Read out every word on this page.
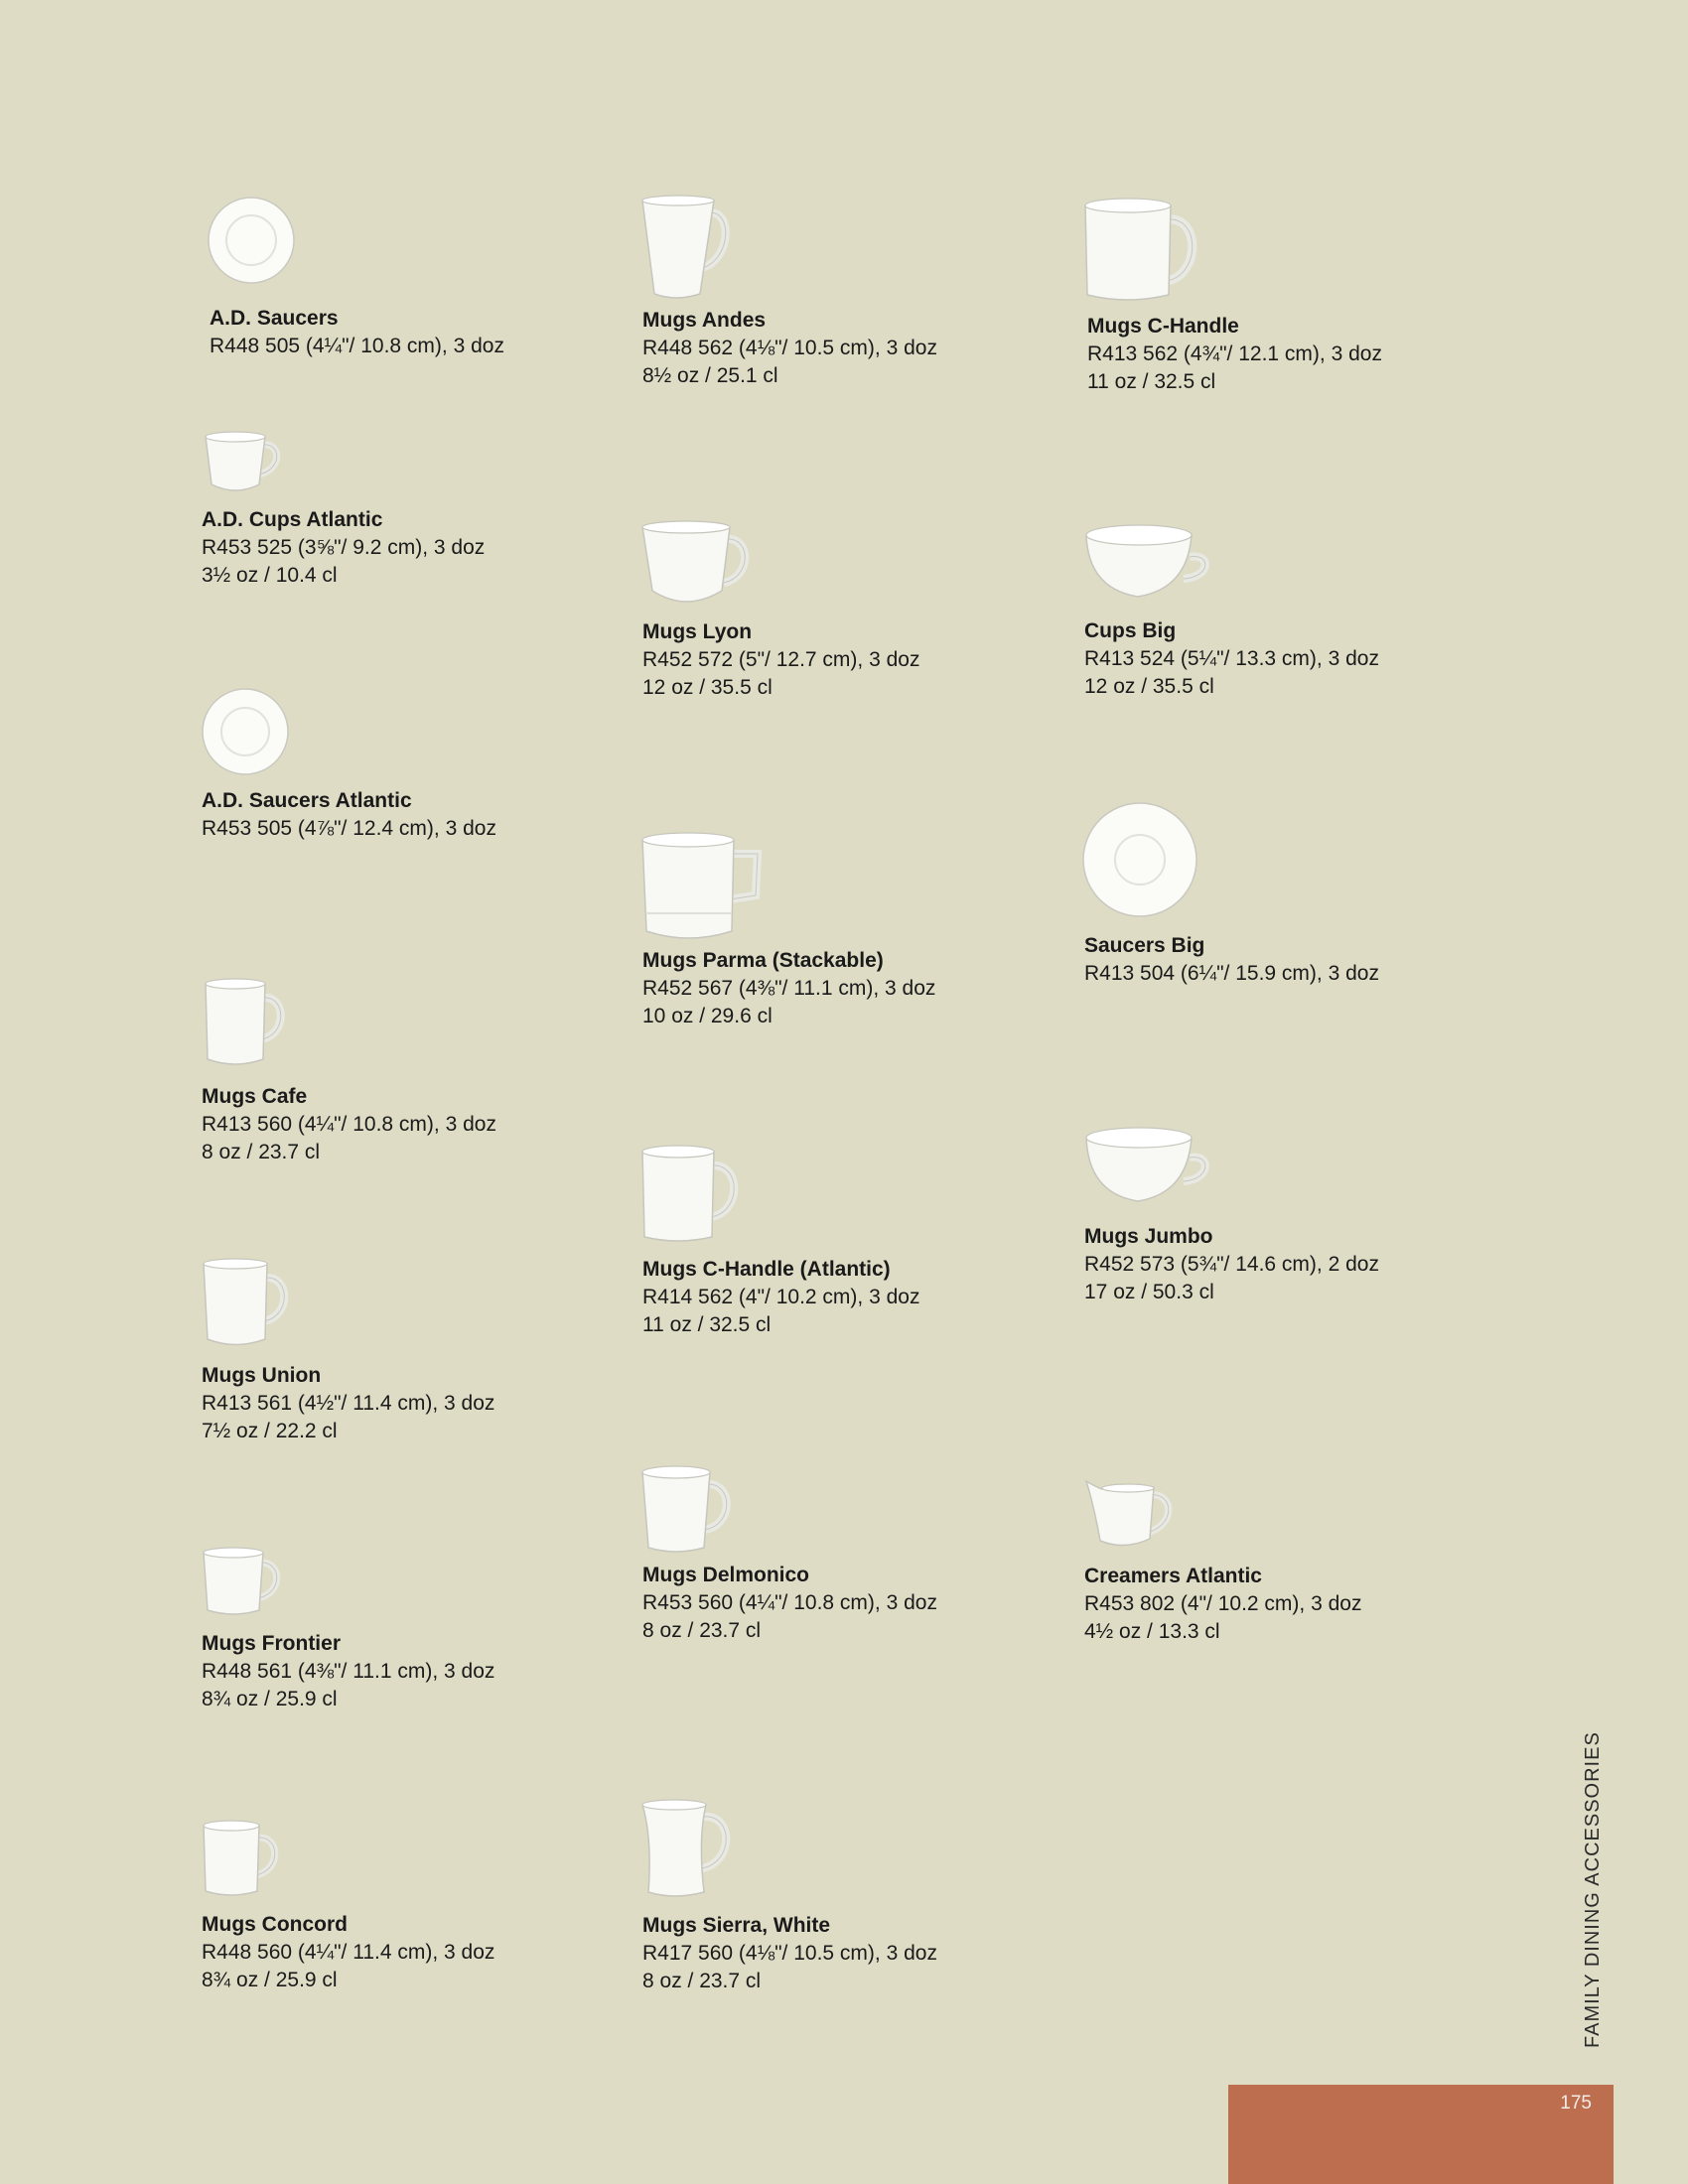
A.D. Saucers

R448 505 (4¼"/ 10.8 cm), 3 doz

A.D. Cups Atlantic

R453 525 (3⅝"/ 9.2 cm), 3 doz

3½ oz / 10.4 cl

A.D. Saucers Atlantic

R453 505 (4⅞"/ 12.4 cm), 3 doz

Mugs Cafe

R413 560 (4¼"/ 10.8 cm), 3 doz

8 oz / 23.7 cl

Mugs Union

R413 561 (4½"/ 11.4 cm), 3 doz

7½ oz / 22.2 cl

Mugs Frontier

R448 561 (4⅜"/ 11.1 cm), 3 doz

8¾ oz / 25.9 cl

Mugs Concord

R448 560 (4¼"/ 11.4 cm), 3 doz

8¾ oz / 25.9 cl

Mugs Andes

R448 562 (4⅛"/ 10.5 cm), 3 doz

8½ oz / 25.1 cl

Mugs Lyon

R452 572 (5"/ 12.7 cm), 3 doz

12 oz / 35.5 cl

Mugs Parma (Stackable)

R452 567 (4⅜"/ 11.1 cm), 3 doz

10 oz / 29.6 cl

Mugs C-Handle (Atlantic)

R414 562 (4"/ 10.2 cm), 3 doz

11 oz / 32.5 cl

Mugs Delmonico

R453 560 (4¼"/ 10.8 cm), 3 doz

8 oz / 23.7 cl

Mugs Sierra, White

R417 560 (4⅛"/ 10.5 cm), 3 doz

8 oz / 23.7 cl

Mugs C-Handle

R413 562 (4¾"/ 12.1 cm), 3 doz

11 oz / 32.5 cl

Cups Big

R413 524 (5¼"/ 13.3 cm), 3 doz

12 oz / 35.5 cl

Saucers Big

R413 504 (6¼"/ 15.9 cm), 3 doz

Mugs Jumbo

R452 573 (5¾"/ 14.6 cm), 2 doz

17 oz / 50.3 cl

Creamers Atlantic

R453 802 (4"/ 10.2 cm), 3 doz

4½ oz / 13.3 cl

FAMILY DINING ACCESSORIES
175
